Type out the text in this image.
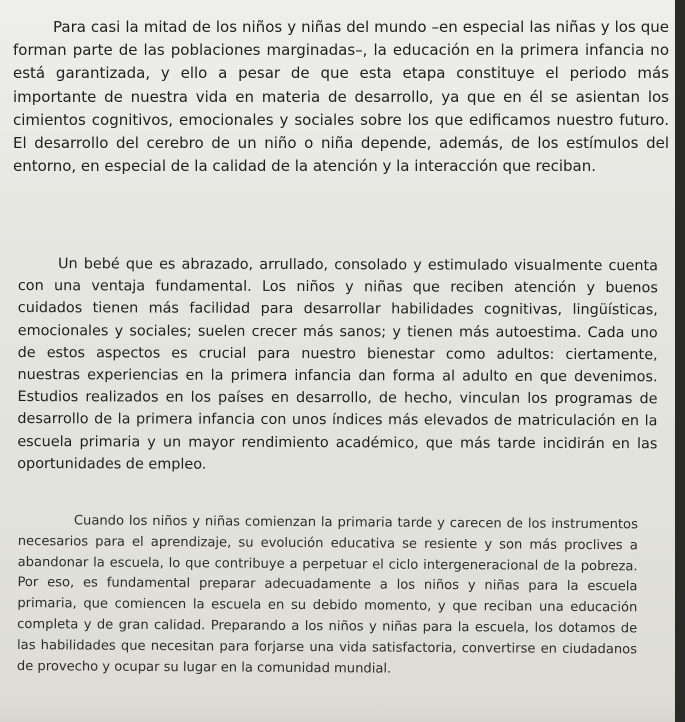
Para casi la mitad de los niños y niñas del mundo –en especial las niñas y los que forman parte de las poblaciones marginadas–, la educación en la primera infancia no está garantizada, y ello a pesar de que esta etapa constituye el periodo más importante de nuestra vida en materia de desarrollo, ya que en él se asientan los cimientos cognitivos, emocionales y sociales sobre los que edificamos nuestro futuro. El desarrollo del cerebro de un niño o niña depende, además, de los estímulos del entorno, en especial de la calidad de la atención y la interacción que reciban.

Un bebé que es abrazado, arrullado, consolado y estimulado visualmente cuenta con una ventaja fundamental. Los niños y niñas que reciben atención y buenos cuidados tienen más facilidad para desarrollar habilidades cognitivas, lingüísticas, emocionales y sociales; suelen crecer más sanos; y tienen más autoestima. Cada uno de estos aspectos es crucial para nuestro bienestar como adultos: ciertamente, nuestras experiencias en la primera infancia dan forma al adulto en que devenimos. Estudios realizados en los países en desarrollo, de hecho, vinculan los programas de desarrollo de la primera infancia con unos índices más elevados de matriculación en la escuela primaria y un mayor rendimiento académico, que más tarde incidirán en las oportunidades de empleo.

Cuando los niños y niñas comienzan la primaria tarde y carecen de los instrumentos necesarios para el aprendizaje, su evolución educativa se resiente y son más proclives a abandonar la escuela, lo que contribuye a perpetuar el ciclo intergeneracional de la pobreza. Por eso, es fundamental preparar adecuadamente a los niños y niñas para la escuela primaria, que comiencen la escuela en su debido momento, y que reciban una educación completa y de gran calidad. Preparando a los niños y niñas para la escuela, los dotamos de las habilidades que necesitan para forjarse una vida satisfactoria, convertirse en ciudadanos de provecho y ocupar su lugar en la comunidad mundial.
